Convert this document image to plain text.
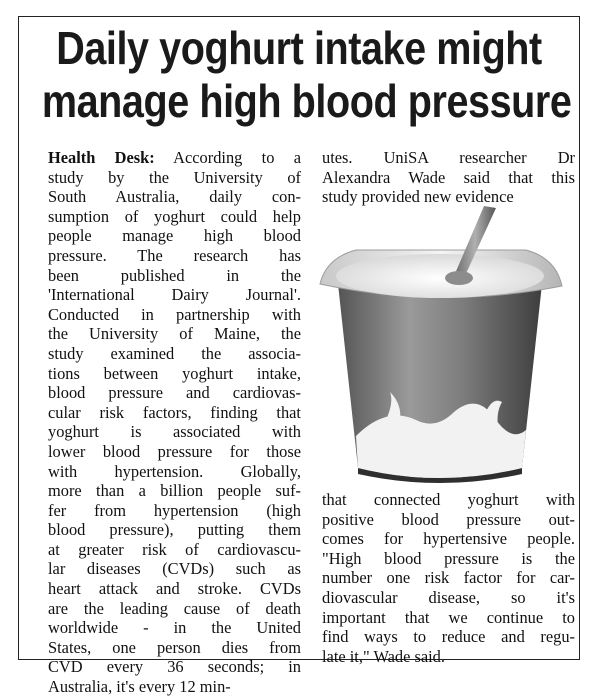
Daily yoghurt intake might
manage high blood pressure
Health Desk: According to a
study by the University of
South Australia, daily con-
sumption of yoghurt could help
people manage high blood
pressure. The research has
been published in the
'International Dairy Journal'.
Conducted in partnership with
the University of Maine, the
study examined the associa-
tions between yoghurt intake,
blood pressure and cardiovas-
cular risk factors, finding that
yoghurt is associated with
lower blood pressure for those
with hypertension. Globally,
more than a billion people suf-
fer from hypertension (high
blood pressure), putting them
at greater risk of cardiovascu-
lar diseases (CVDs) such as
heart attack and stroke. CVDs
are the leading cause of death
worldwide - in the United
States, one person dies from
CVD every 36 seconds; in
Australia, it's every 12 min-
utes. UniSA researcher Dr
Alexandra Wade said that this
study provided new evidence
that connected yoghurt with
positive blood pressure out-
comes for hypertensive people.
"High blood pressure is the
number one risk factor for car-
diovascular disease, so it's
important that we continue to
find ways to reduce and regu-
late it," Wade said.
